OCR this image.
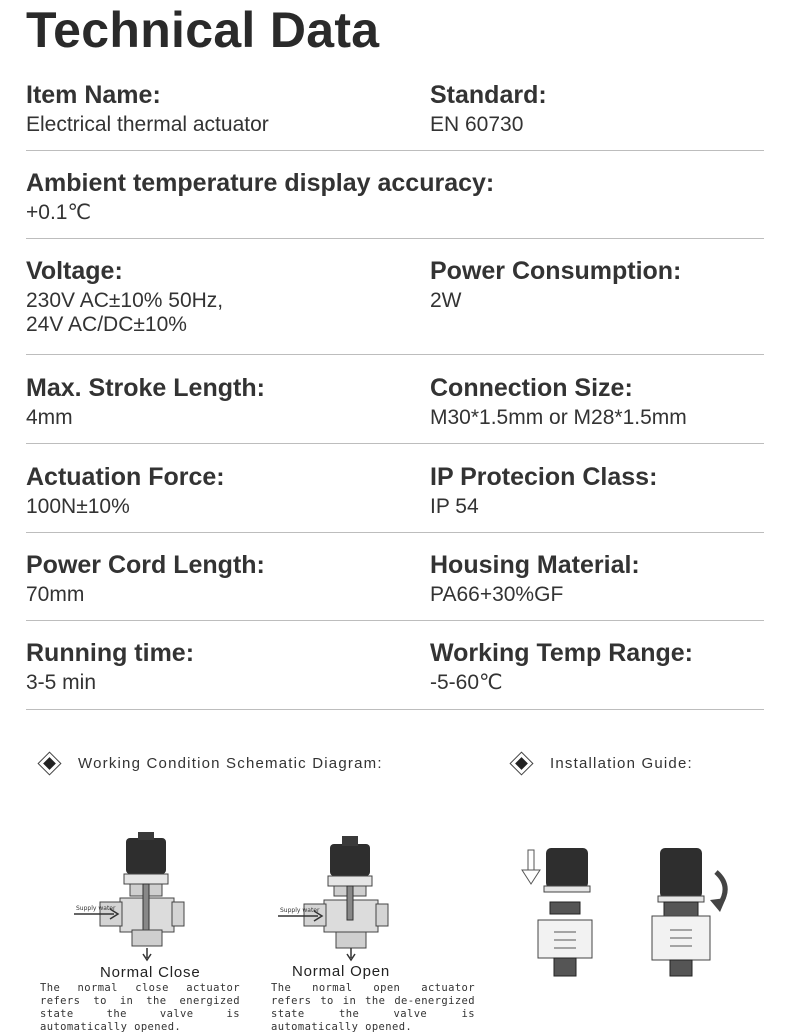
Technical Data
Item Name:
Electrical thermal actuator
Standard:
EN 60730
Ambient temperature display accuracy:
+0.1℃
Voltage:
230V AC±10% 50Hz,
24V AC/DC±10%
Power Consumption:
2W
Max. Stroke Length:
4mm
Connection Size:
M30*1.5mm or M28*1.5mm
Actuation Force:
100N±10%
IP Protecion Class:
IP 54
Power Cord Length:
70mm
Housing Material:
PA66+30%GF
Running time:
3-5 min
Working Temp Range:
-5-60℃
Working Condition Schematic Diagram:	Installation Guide:
Supply water
Normal Close
The normal close actuator refers to in the energized state the valve is automatically opened.
Supply water
Normal Open
The normal open actuator refers to in the de-energized state the valve is automatically opened.
